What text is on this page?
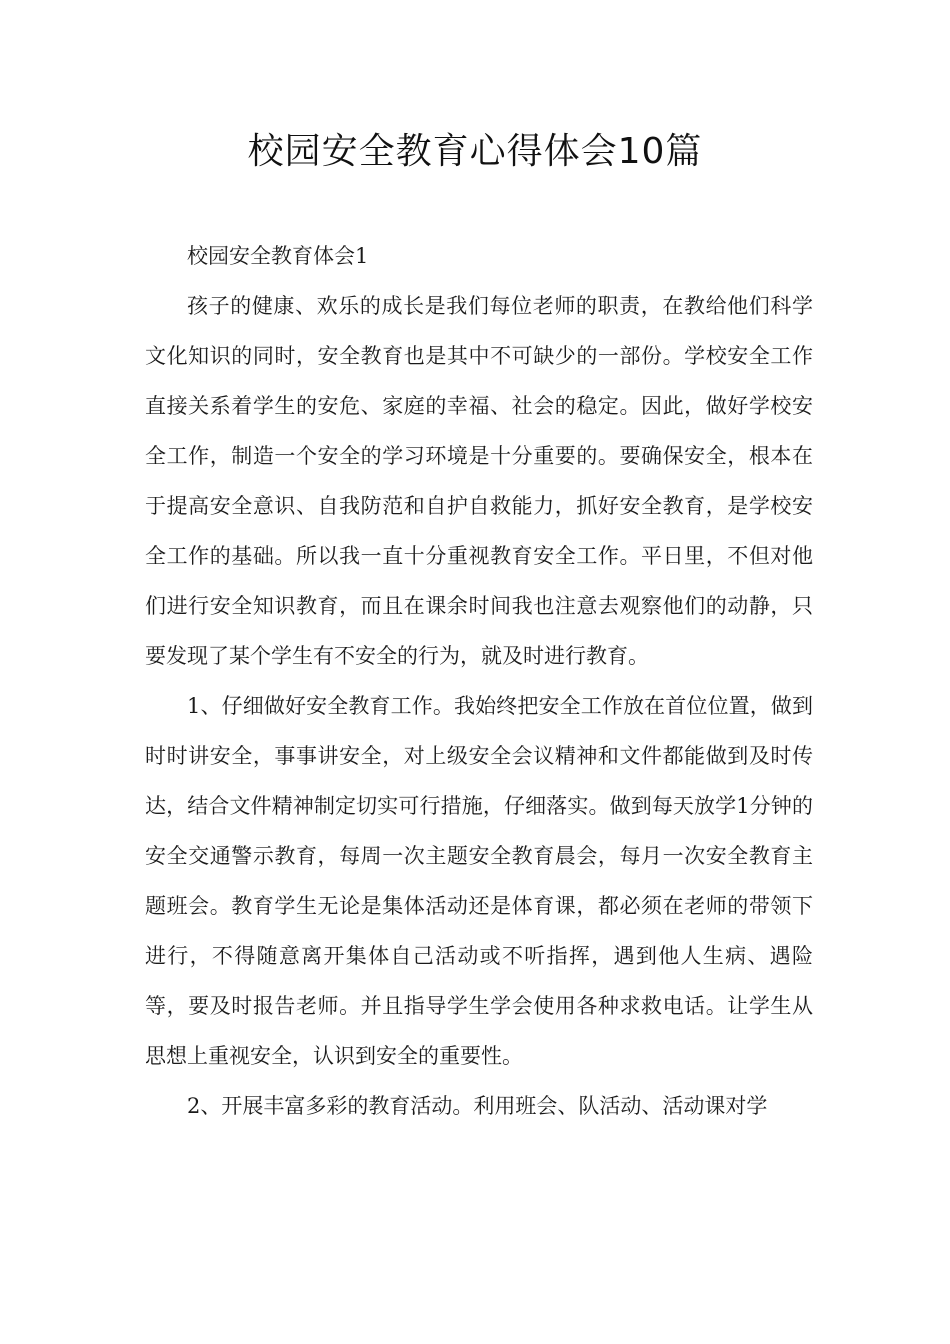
校园安全教育心得体会10篇

校园安全教育体会1

孩子的健康、欢乐的成长是我们每位老师的职责，在教给他们科学文化知识的同时，安全教育也是其中不可缺少的一部份。学校安全工作直接关系着学生的安危、家庭的幸福、社会的稳定。因此，做好学校安全工作，制造一个安全的学习环境是十分重要的。要确保安全，根本在于提高安全意识、自我防范和自护自救能力，抓好安全教育，是学校安全工作的基础。所以我一直十分重视教育安全工作。平日里，不但对他们进行安全知识教育，而且在课余时间我也注意去观察他们的动静，只要发现了某个学生有不安全的行为，就及时进行教育。

1、仔细做好安全教育工作。我始终把安全工作放在首位位置，做到时时讲安全，事事讲安全，对上级安全会议精神和文件都能做到及时传达，结合文件精神制定切实可行措施，仔细落实。做到每天放学1分钟的安全交通警示教育，每周一次主题安全教育晨会，每月一次安全教育主题班会。教育学生无论是集体活动还是体育课，都必须在老师的带领下进行，不得随意离开集体自己活动或不听指挥，遇到他人生病、遇险等，要及时报告老师。并且指导学生学会使用各种求救电话。让学生从思想上重视安全，认识到安全的重要性。

2、开展丰富多彩的教育活动。利用班会、队活动、活动课对学
